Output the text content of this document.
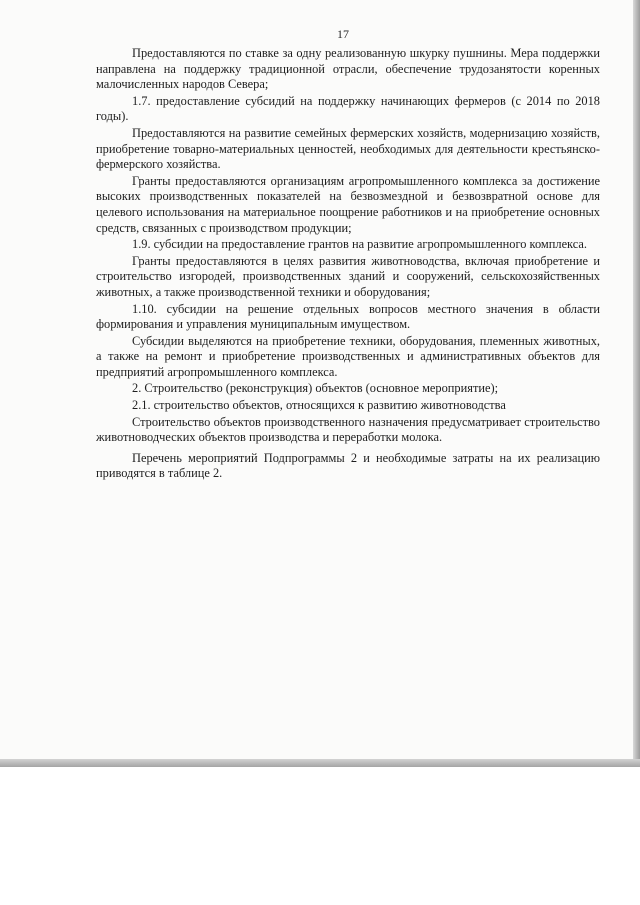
17

Предоставляются по ставке за одну реализованную шкурку пушнины. Мера поддержки направлена на поддержку традиционной отрасли, обеспечение трудозанятости коренных малочисленных народов Севера;

1.7. предоставление субсидий на поддержку начинающих фермеров (с 2014 по 2018 годы).

Предоставляются на развитие семейных фермерских хозяйств, модернизацию хозяйств, приобретение товарно-материальных ценностей, необходимых для деятельности крестьянско-фермерского хозяйства.

Гранты предоставляются организациям агропромышленного комплекса за достижение высоких производственных показателей на безвозмездной и безвозвратной основе для целевого использования на материальное поощрение работников и на приобретение основных средств, связанных с производством продукции;

1.9. субсидии на предоставление грантов на развитие агропромышленного комплекса.

Гранты предоставляются в целях развития животноводства, включая приобретение и строительство изгородей, производственных зданий и сооружений, сельскохозяйственных животных, а также производственной техники и оборудования;

1.10. субсидии на решение отдельных вопросов местного значения в области формирования и управления муниципальным имуществом.

Субсидии выделяются на приобретение техники, оборудования, племенных животных, а также на ремонт и приобретение производственных и административных объектов для предприятий агропромышленного комплекса.

2. Строительство (реконструкция) объектов (основное мероприятие);

2.1. строительство объектов, относящихся к развитию животноводства

Строительство объектов производственного назначения предусматривает строительство животноводческих объектов производства и переработки молока.

Перечень мероприятий Подпрограммы 2 и необходимые затраты на их реализацию приводятся в таблице 2.
